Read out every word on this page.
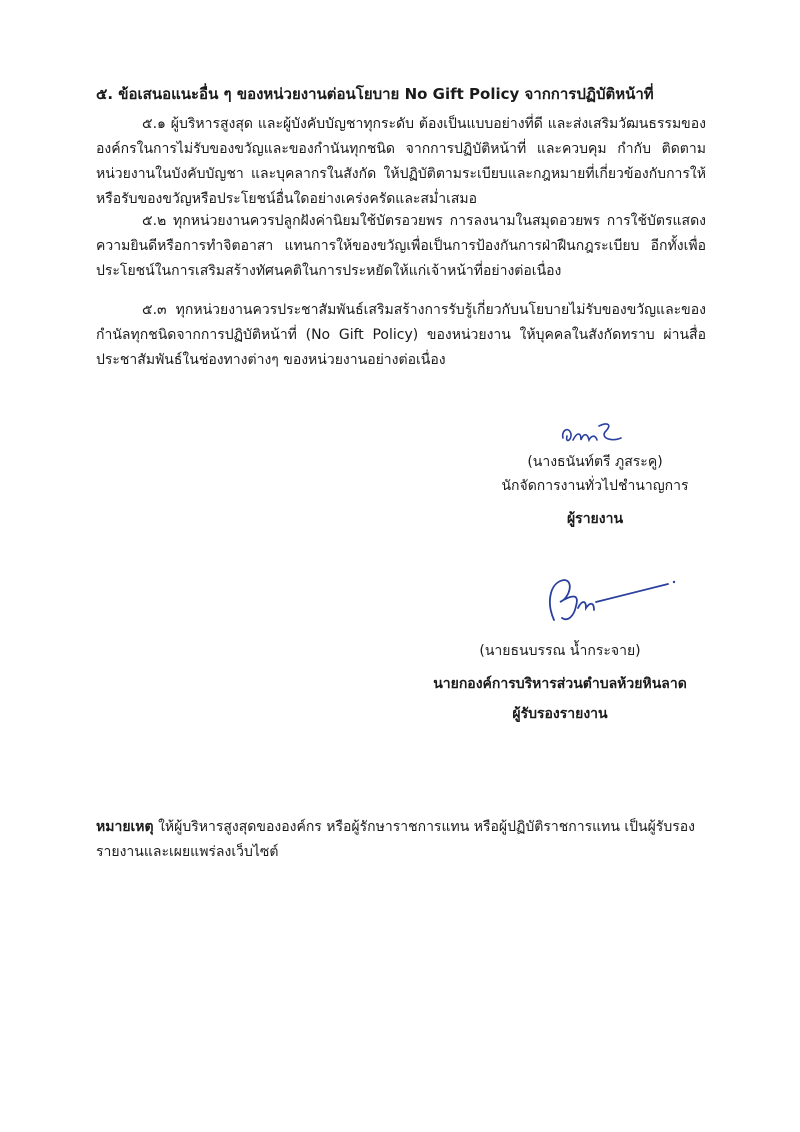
๕. ข้อเสนอแนะอื่น ๆ ของหน่วยงานต่อนโยบาย No Gift Policy จากการปฏิบัติหน้าที่
๕.๑ ผู้บริหารสูงสุด และผู้บังคับบัญชาทุกระดับ ต้องเป็นแบบอย่างที่ดี และส่งเสริมวัฒนธรรมขององค์กรในการไม่รับของขวัญและของกำนันทุกชนิด จากการปฏิบัติหน้าที่ และควบคุม กำกับ ติดตาม หน่วยงานในบังคับบัญชา และบุคลากรในสังกัด ให้ปฏิบัติตามระเบียบและกฎหมายที่เกี่ยวข้องกับการให้หรือรับของขวัญหรือประโยชน์อื่นใดอย่างเคร่งครัดและสม่ำเสมอ
๕.๒ ทุกหน่วยงานควรปลูกฝังค่านิยมใช้บัตรอวยพร การลงนามในสมุดอวยพร การใช้บัตรแสดงความยินดีหรือการทำจิตอาสา แทนการให้ของขวัญเพื่อเป็นการป้องกันการฝ่าฝืนกฎระเบียบ อีกทั้งเพื่อประโยชน์ในการเสริมสร้างทัศนคติในการประหยัดให้แก่เจ้าหน้าที่อย่างต่อเนื่อง
๕.๓ ทุกหน่วยงานควรประชาสัมพันธ์เสริมสร้างการรับรู้เกี่ยวกับนโยบายไม่รับของขวัญและของกำนัลทุกชนิดจากการปฏิบัติหน้าที่ (No Gift Policy) ของหน่วยงาน ให้บุคคลในสังกัดทราบ ผ่านสื่อประชาสัมพันธ์ในช่องทางต่างๆ ของหน่วยงานอย่างต่อเนื่อง
(นางธนันท์ตรี ภูสระคู)
นักจัดการงานทั่วไปชำนาญการ
ผู้รายงาน
(นายธนบรรณ น้ำกระจาย)
นายกองค์การบริหารส่วนตำบลห้วยหินลาด
ผู้รับรองรายงาน
หมายเหตุ ให้ผู้บริหารสูงสุดขององค์กร หรือผู้รักษาราชการแทน หรือผู้ปฏิบัติราชการแทน เป็นผู้รับรองรายงานและเผยแพร่ลงเว็บไซต์
